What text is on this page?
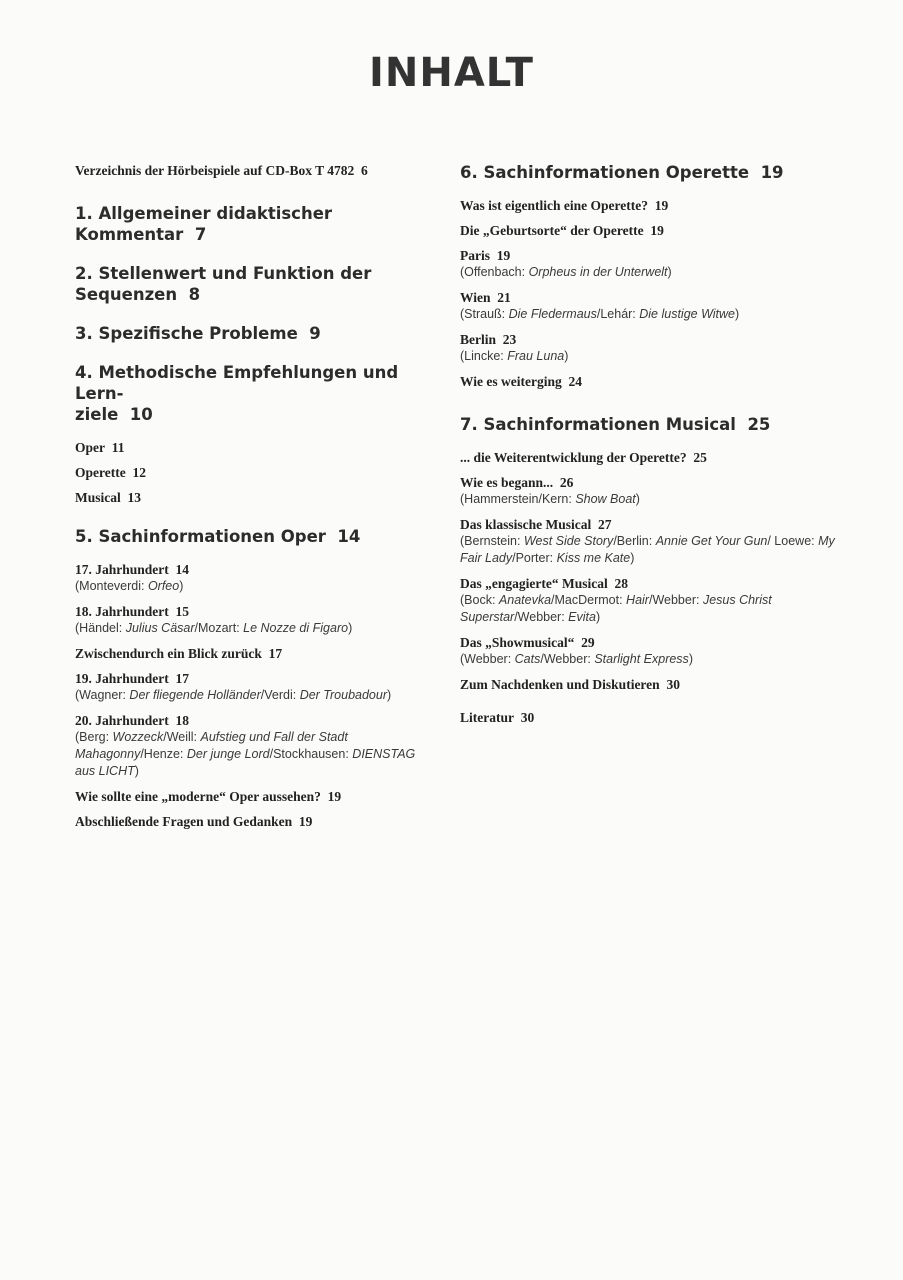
INHALT
Verzeichnis der Hörbeispiele auf CD-Box T 4782 6
1. Allgemeiner didaktischer Kommentar 7
2. Stellenwert und Funktion der
Sequenzen 8
3. Spezifische Probleme 9
4. Methodische Empfehlungen und Lern-
ziele 10
Oper 11
Operette 12
Musical 13
5. Sachinformationen Oper 14
17. Jahrhundert 14
(Monteverdi: Orfeo)
18. Jahrhundert 15
(Händel: Julius Cäsar/Mozart: Le Nozze di Figaro)
Zwischendurch ein Blick zurück 17
19. Jahrhundert 17
(Wagner: Der fliegende Holländer/Verdi: Der Troubadour)
20. Jahrhundert 18
(Berg: Wozzeck/Weill: Aufstieg und Fall der Stadt Mahagonny/Henze: Der junge Lord/Stockhausen: DIENSTAG aus LICHT)
Wie sollte eine „moderne“ Oper aussehen? 19
Abschließende Fragen und Gedanken 19
6. Sachinformationen Operette 19
Was ist eigentlich eine Operette? 19
Die „Geburtsorte“ der Operette 19
Paris 19
(Offenbach: Orpheus in der Unterwelt)
Wien 21
(Strauß: Die Fledermaus/Lehár: Die lustige Witwe)
Berlin 23
(Lincke: Frau Luna)
Wie es weiterging 24
7. Sachinformationen Musical 25
... die Weiterentwicklung der Operette? 25
Wie es begann... 26
(Hammerstein/Kern: Show Boat)
Das klassische Musical 27
(Bernstein: West Side Story/Berlin: Annie Get Your Gun/ Loewe: My Fair Lady/Porter: Kiss me Kate)
Das „engagierte“ Musical 28
(Bock: Anatevka/MacDermot: Hair/Webber: Jesus Christ Superstar/Webber: Evita)
Das „Showmusical“ 29
(Webber: Cats/Webber: Starlight Express)
Zum Nachdenken und Diskutieren 30
Literatur 30
